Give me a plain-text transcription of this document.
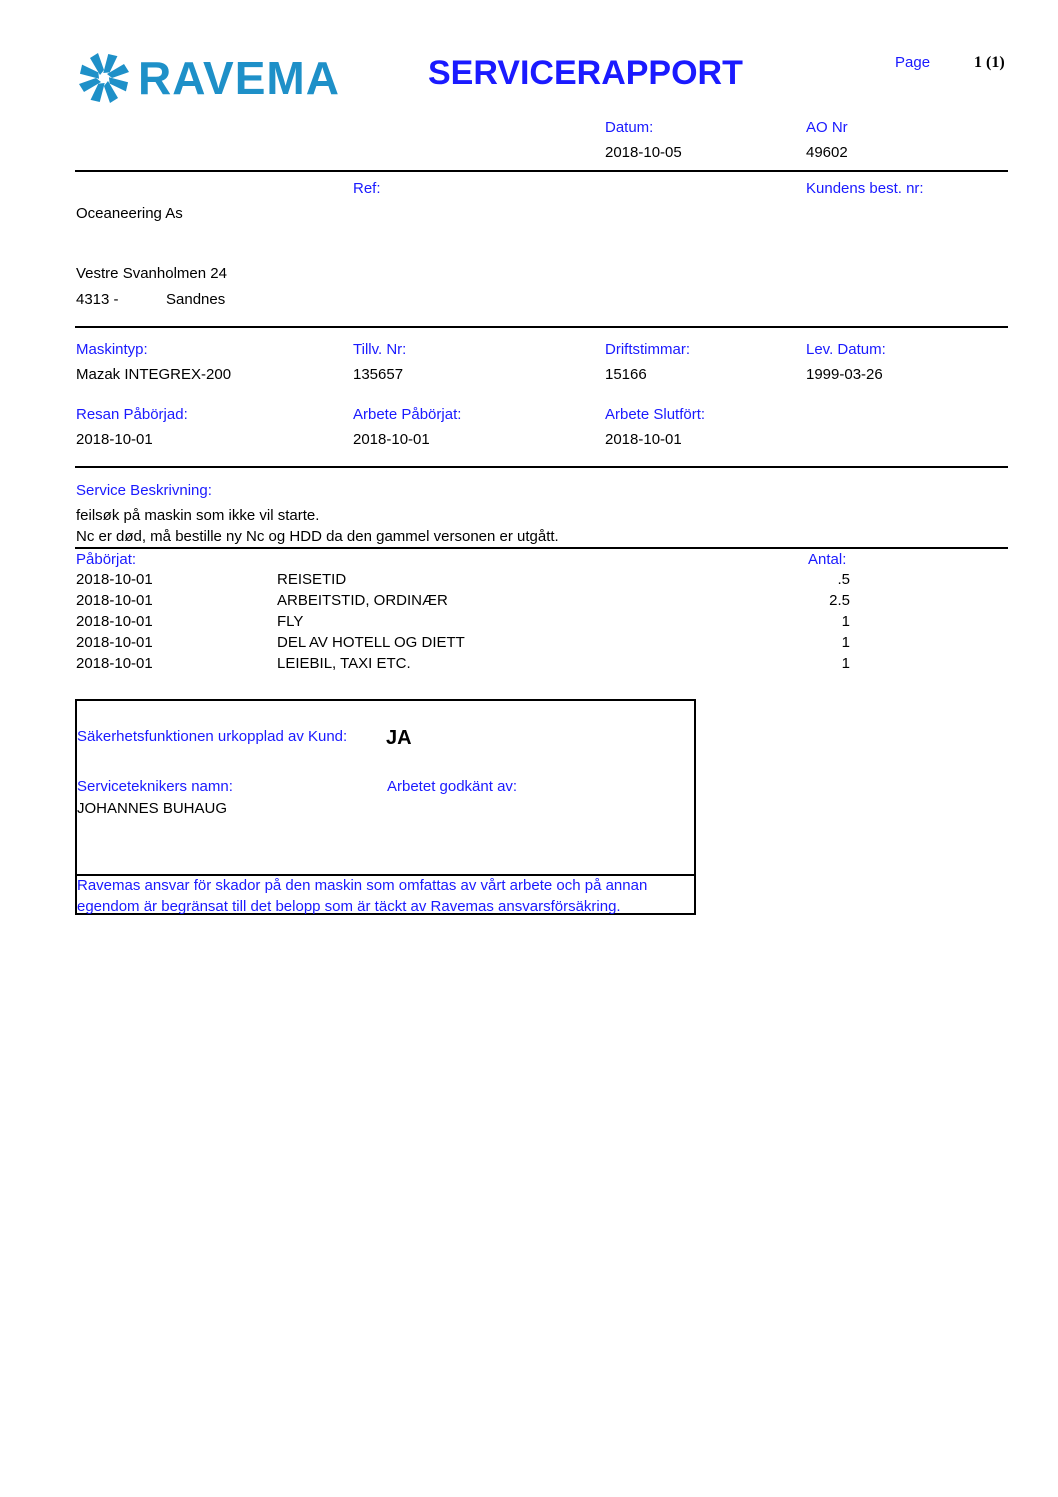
RAVEMA	SERVICERAPPORT	Page	1 (1)
Datum:
2018-10-05
AO Nr
49602
Ref:	Kundens best. nr:
Oceaneering As
Vestre Svanholmen 24
4313 -	Sandnes
Maskintyp:
Mazak INTEGREX-200
Tillv. Nr:
135657
Driftstimmar:
15166
Lev. Datum:
1999-03-26
Resan Påbörjad:
2018-10-01
Arbete Påbörjat:
2018-10-01
Arbete Slutfört:
2018-10-01
Service Beskrivning:
feilsøk på maskin som ikke vil starte.
Nc er død, må bestille ny Nc og HDD da den gammel versonen er utgått.
Påbörjat:	Antal:
2018-10-01	REISETID	.5
2018-10-01	ARBEITSTID, ORDINÆR	2.5
2018-10-01	FLY	1
2018-10-01	DEL AV HOTELL OG DIETT	1
2018-10-01	LEIEBIL, TAXI ETC.	1
Säkerhetsfunktionen urkopplad av Kund: JA
Serviceteknikers namn:
JOHANNES BUHAUG
Arbetet godkänt av:
Ravemas ansvar för skador på den maskin som omfattas av vårt arbete och på annan
egendom är begränsat till det belopp som är täckt av Ravemas ansvarsförsäkring.
